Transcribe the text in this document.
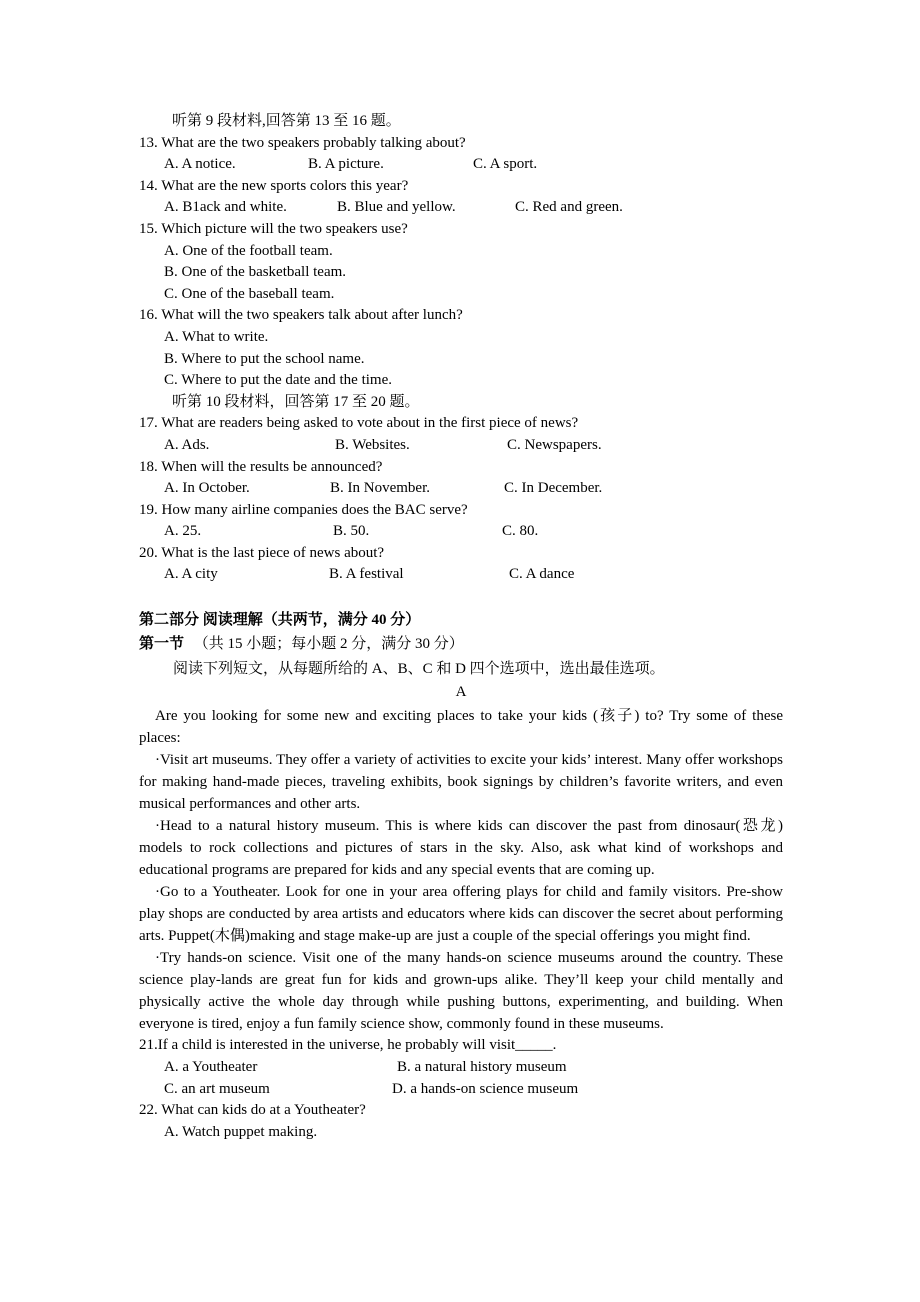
听第 9 段材料,回答第 13 至 16 题。
13. What are the two speakers probably talking about?
A. A notice.	B. A picture.	C. A sport.
14. What are the new sports colors this year?
A. B1ack and white.	B. Blue and yellow.	C. Red and green.
15. Which picture will the two speakers use?
A. One of the football team.
B. One of the basketball team.
C. One of the baseball team.
16. What will the two speakers talk about after lunch?
A. What to write.
B. Where to put the school name.
C. Where to put the date and the time.
听第 10 段材料，回答第 17 至 20 题。
17. What are readers being asked to vote about in the first piece of news?
A. Ads.	B. Websites.	C. Newspapers.
18. When will the results be announced?
A. In October.	B. In November.	C. In December.
19. How many airline companies does the BAC serve?
A. 25.	B. 50.	C. 80.
20. What is the last piece of news about?
A. A city	B. A festival	C. A dance
第二部分 阅读理解（共两节，满分 40 分）
第一节 （共 15 小题；每小题 2 分，满分 30 分）
阅读下列短文，从每题所给的 A、B、C 和 D 四个选项中，选出最佳选项。
A

Are you looking for some new and exciting places to take your kids (孩子) to? Try some of these places:

·Visit art museums. They offer a variety of activities to excite your kids’ interest. Many offer workshops for making hand-made pieces, traveling exhibits, book signings by children’s favorite writers, and even musical performances and other arts.

·Head to a natural history museum. This is where kids can discover the past from dinosaur(恐龙) models to rock collections and pictures of stars in the sky. Also, ask what kind of workshops and educational programs are prepared for kids and any special events that are coming up.

·Go to a Youtheater. Look for one in your area offering plays for child and family visitors. Pre-show play shops are conducted by area artists and educators where kids can discover the secret about performing arts. Puppet(木偶)making and stage make-up are just a couple of the special offerings you might find.

·Try hands-on science. Visit one of the many hands-on science museums around the country. These science play-lands are great fun for kids and grown-ups alike. They’ll keep your child mentally and physically active the whole day through while pushing buttons, experimenting, and building. When everyone is tired, enjoy a fun family science show, commonly found in these museums.

21.If a child is interested in the universe, he probably will visit_____.
A. a Youtheater	B. a natural history museum
C. an art museum	D. a hands-on science museum
22. What can kids do at a Youtheater?
A. Watch puppet making.
